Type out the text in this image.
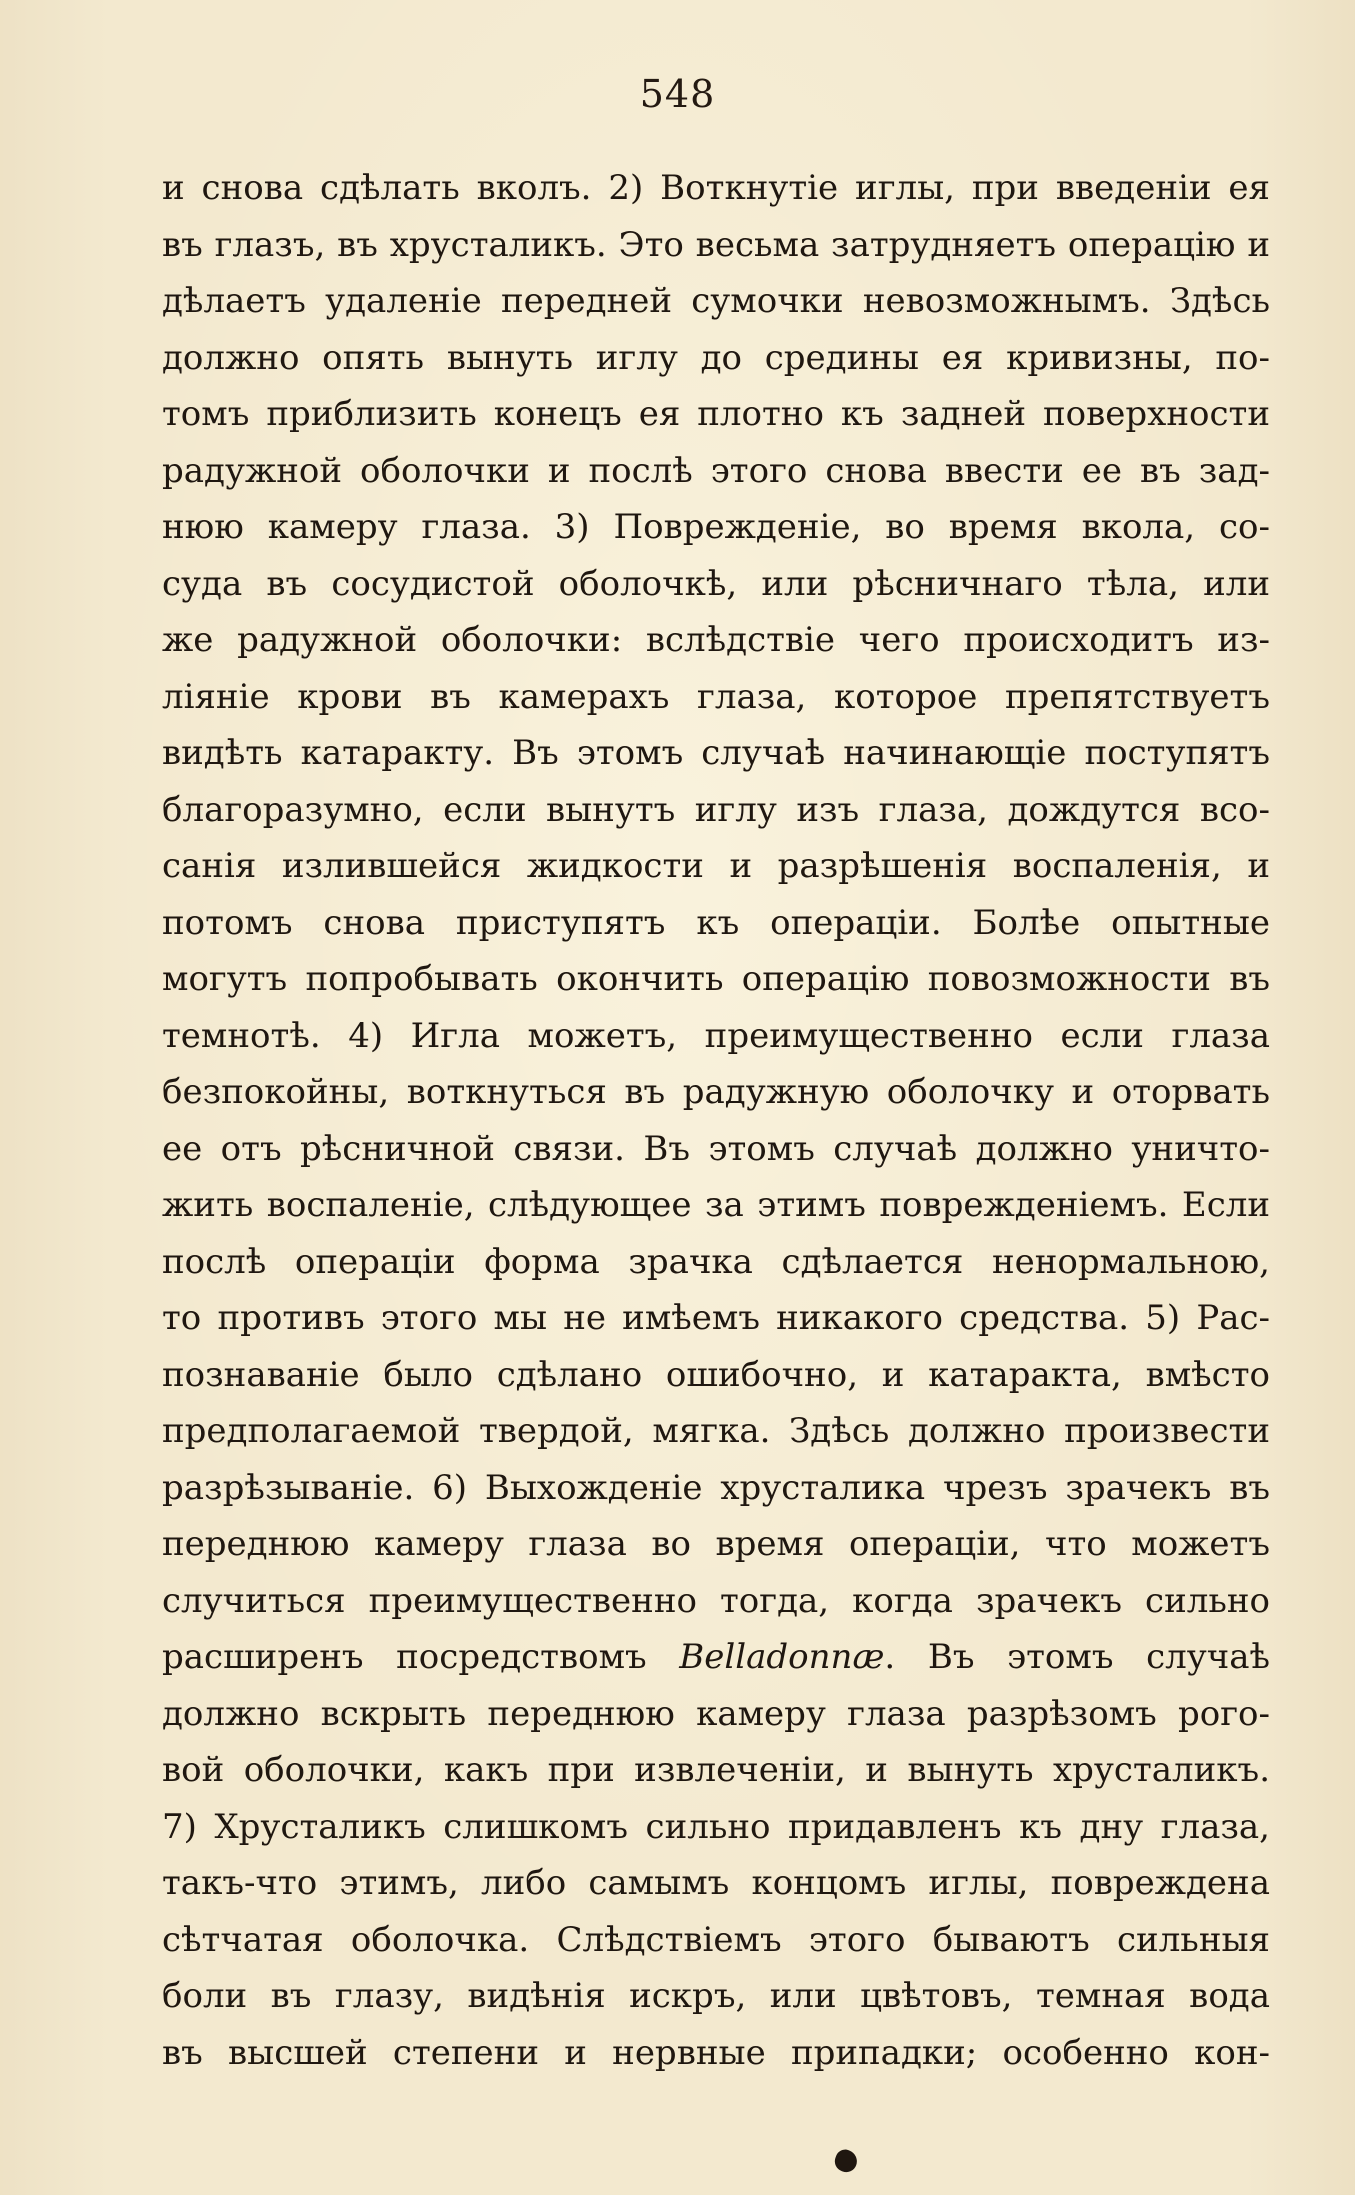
548
и снова сдѣлать вколъ. 2) Воткнутіе иглы, при введеніи ея
въ глазъ, въ хрусталикъ. Это весьма затрудняетъ операцію и
дѣлаетъ удаленіе передней сумочки невозможнымъ. Здѣсь
должно опять вынуть иглу до средины ея кривизны, по-
томъ приблизить конецъ ея плотно къ задней поверхности
радужной оболочки и послѣ этого снова ввести ее въ зад-
нюю камеру глаза. 3) Поврежденіе, во время вкола, со-
суда въ сосудистой оболочкѣ, или рѣсничнаго тѣла, или
же радужной оболочки: вслѣдствіе чего происходитъ из-
ліяніе крови въ камерахъ глаза, которое препятствуетъ
видѣть катаракту. Въ этомъ случаѣ начинающіе поступятъ
благоразумно, если вынутъ иглу изъ глаза, дождутся вcо-
санія излившейся жидкости и разрѣшенія воспаленія, и
потомъ снова приступятъ къ операціи. Болѣе опытные
могутъ попробывать окончить операцію повозможности въ
темнотѣ. 4) Игла можетъ, преимущественно если глаза
безпокойны, воткнуться въ радужную оболочку и оторвать
ее отъ рѣсничной связи. Въ этомъ случаѣ должно уничто-
жить воспаленіе, слѣдующее за этимъ поврежденіемъ. Если
послѣ операціи форма зрачка сдѣлается ненормальною,
то противъ этого мы не имѣемъ никакого средства. 5) Рас-
познаваніе было сдѣлано ошибочно, и катаракта, вмѣсто
предполагаемой твердой, мягка. Здѣсь должно произвести
разрѣзываніе. 6) Выхожденіе хрусталика чрезъ зрачекъ въ
переднюю камеру глаза во время операціи, что можетъ
случиться преимущественно тогда, когда зрачекъ сильно
расширенъ посредствомъ Belladonnæ. Въ этомъ случаѣ
должно вскрыть переднюю камеру глаза разрѣзомъ рого-
вой оболочки, какъ при извлеченіи, и вынуть хрусталикъ.
7) Хрусталикъ слишкомъ сильно придавленъ къ дну глаза,
такъ-что этимъ, либо самымъ концомъ иглы, повреждена
сѣтчатая оболочка. Слѣдствіемъ этого бываютъ сильныя
боли въ глазу, видѣнія искръ, или цвѣтовъ, темная вода
въ высшей степени и нервные припадки; особенно кон-
